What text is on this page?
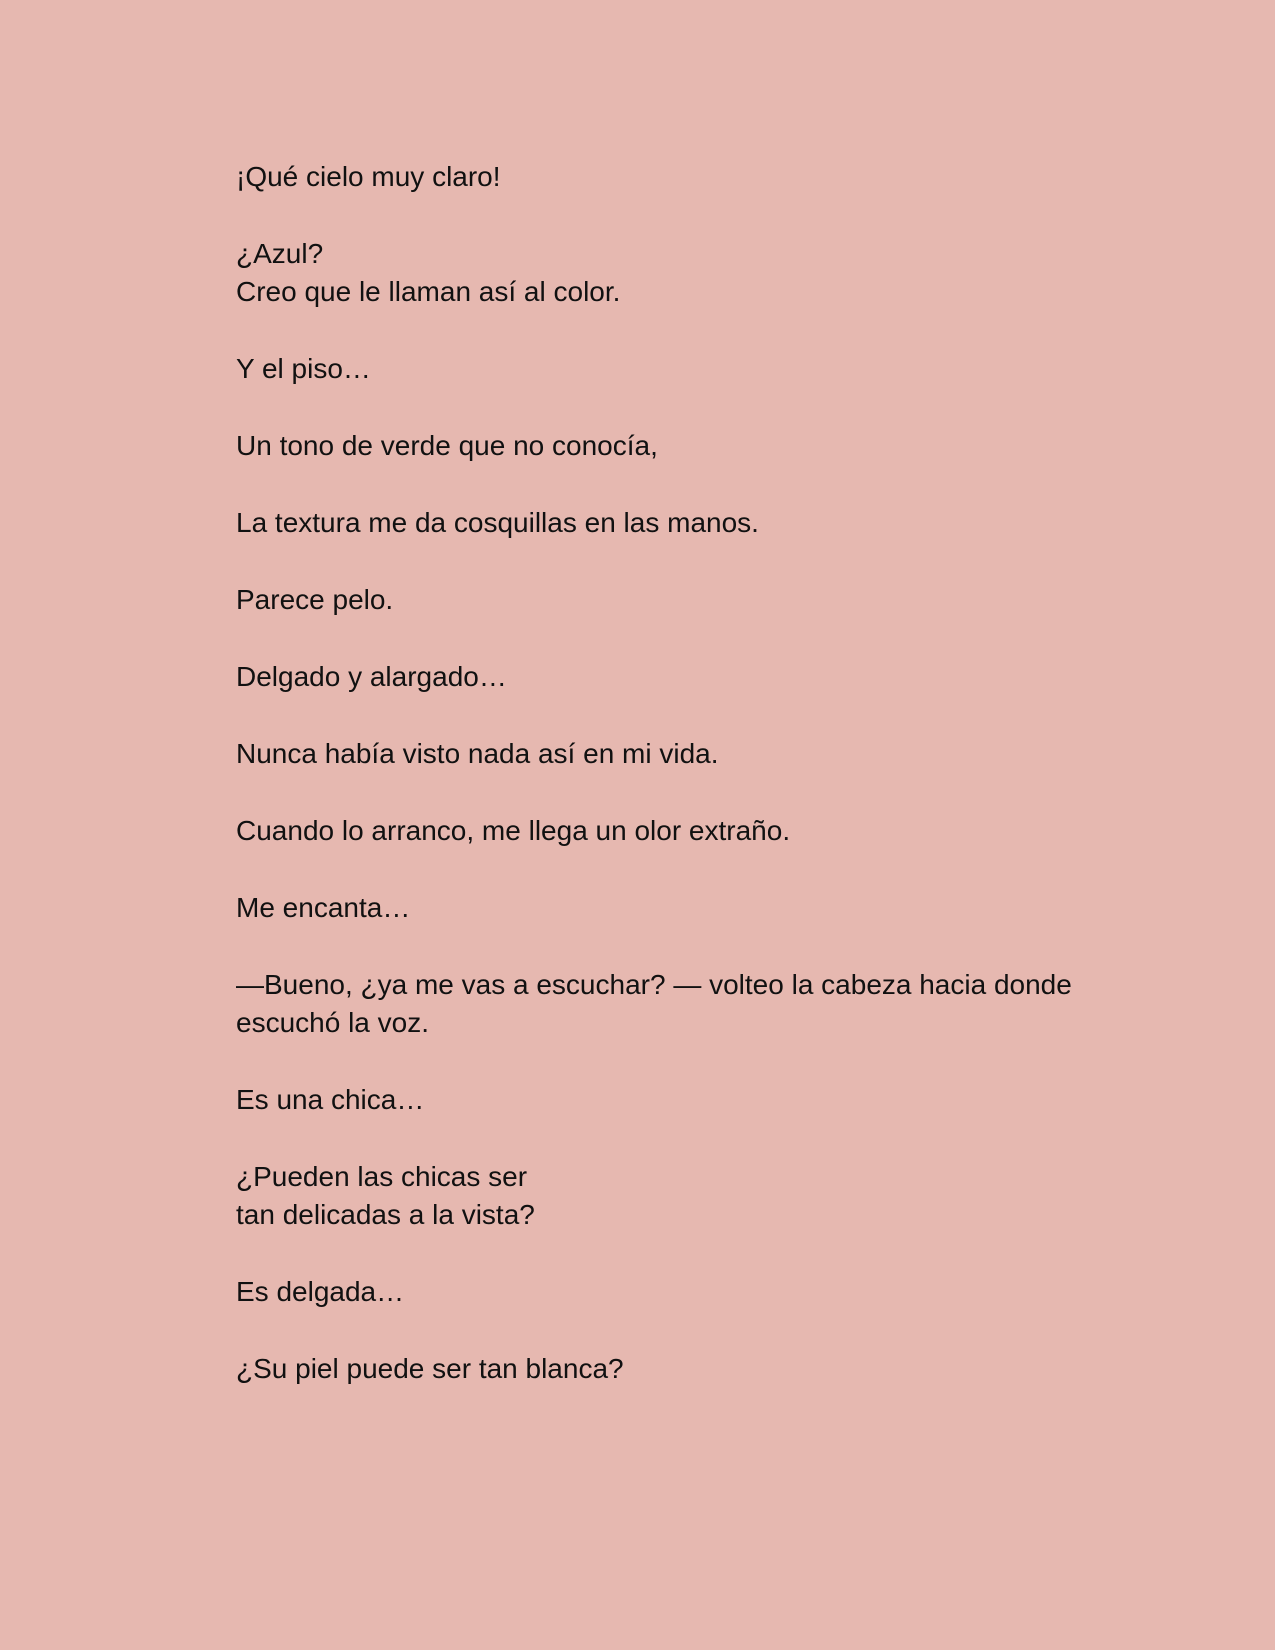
¡Qué cielo muy claro!

¿Azul?
Creo que le llaman así al color.

Y el piso…

Un tono de verde que no conocía,

La textura me da cosquillas en las manos.

Parece pelo.

Delgado y alargado…

Nunca había visto nada así en mi vida.

Cuando lo arranco, me llega un olor extraño.

Me encanta…

—Bueno, ¿ya me vas a escuchar? — volteo la cabeza hacia donde
escuchó la voz.

Es una chica…

¿Pueden las chicas ser
tan delicadas a la vista?

Es delgada…

¿Su piel puede ser tan blanca?
